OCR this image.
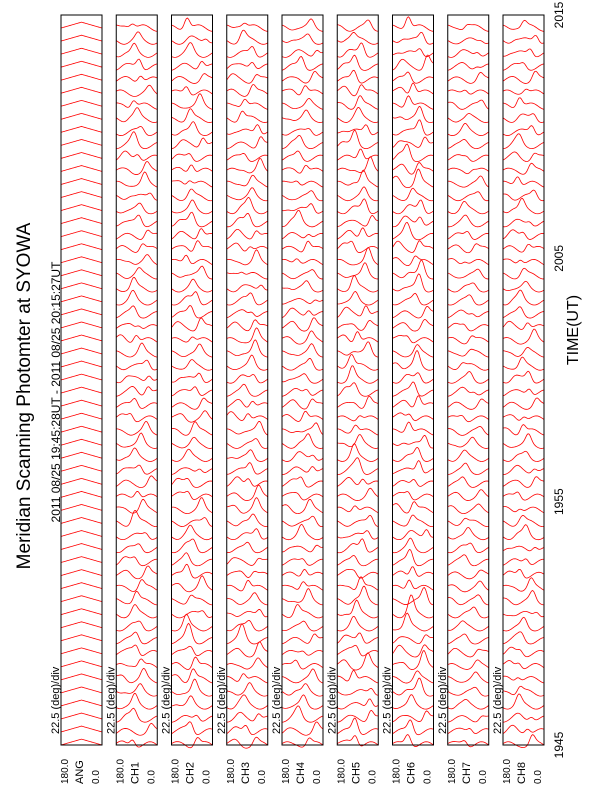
180.0 ANG 0.0
22.5 (deg)/div
180.0 CH1 0.0
22.5 (deg)/div
180.0 CH2 0.0
22.5 (deg)/div
180.0 CH3 0.0
22.5 (deg)/div
180.0 CH4 0.0
22.5 (deg)/div
180.0 CH5 0.0
22.5 (deg)/div
180.0 CH6 0.0
22.5 (deg)/div
180.0 CH7 0.0
22.5 (deg)/div
180.0 CH8 0.0
22.5 (deg)/div
Meridian Scanning Photomter at SYOWA 2011 08/25 19:45:28UT - 2011 08/25 20:15:27UT
1945
1955
2005
2015
TIME(UT)
